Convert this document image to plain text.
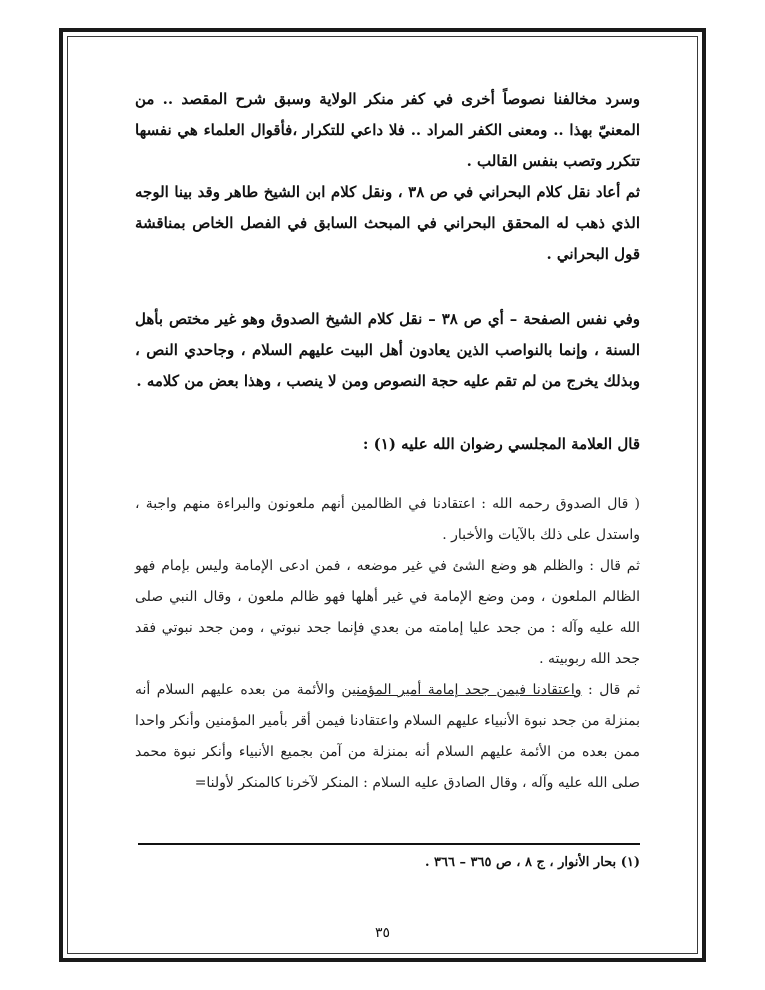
وسرد مخالفنا نصوصاً أخرى في كفر منكر الولاية وسبق شرح المقصد .. من المعنيّ بهذا .. ومعنى الكفر المراد .. فلا داعي للتكرار ،فأقوال العلماء هي نفسها تتكرر وتصب بنفس القالب .

ثم أعاد نقل كلام البحراني في ص ٣٨ ، ونقل كلام ابن الشيخ طاهر وقد بينا الوجه الذي ذهب له المحقق البحراني في المبحث السابق في الفصل الخاص بمناقشة قول البحراني .

وفي نفس الصفحة – أي ص ٣٨ – نقل كلام الشيخ الصدوق وهو غير مختص بأهل السنة ، وإنما بالنواصب الذين يعادون أهل البيت عليهم السلام ، وجاحدي النص ، وبذلك يخرج من لم تقم عليه حجة النصوص ومن لا ينصب ، وهذا بعض من كلامه .

قال العلامة المجلسي رضوان الله عليه (١) :

( قال الصدوق رحمه الله : اعتقادنا في الظالمين أنهم ملعونون والبراءة منهم واجبة ، واستدل على ذلك بالآيات والأخبار .

ثم قال : والظلم هو وضع الشئ في غير موضعه ، فمن ادعى الإمامة وليس بإمام فهو الظالم الملعون ، ومن وضع الإمامة في غير أهلها فهو ظالم ملعون ، وقال النبي صلى الله عليه وآله : من جحد عليا إمامته من بعدي فإنما جحد نبوتي ، ومن جحد نبوتي فقد جحد الله ربوبيته .

ثم قال : واعتقادنا فيمن جحد إمامة أمير المؤمنين والأئمة من بعده عليهم السلام أنه بمنزلة من جحد نبوة الأنبياء عليهم السلام واعتقادنا فيمن أقر بأمير المؤمنين وأنكر واحدا ممن بعده من الأئمة عليهم السلام أنه بمنزلة من آمن بجميع الأنبياء وأنكر نبوة محمد صلى الله عليه وآله ، وقال الصادق عليه السلام : المنكر لآخرنا كالمنكر لأولنا=

(١) بحار الأنوار ، ج ٨ ، ص ٣٦٥ – ٣٦٦ .
٣٥
